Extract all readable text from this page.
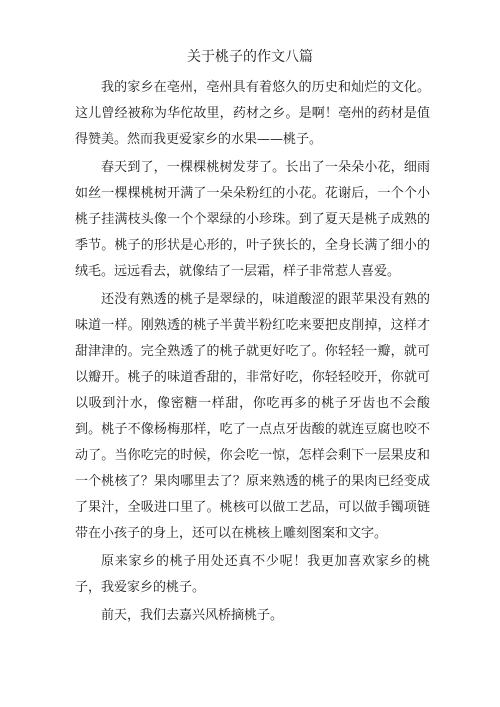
关于桃子的作文八篇

我的家乡在亳州，亳州具有着悠久的历史和灿烂的文化。这儿曾经被称为华佗故里，药材之乡。是啊！亳州的药材是值得赞美。然而我更爱家乡的水果——桃子。

春天到了，一棵棵桃树发芽了。长出了一朵朵小花，细雨如丝一棵棵桃树开满了一朵朵粉红的小花。花谢后，一个个小桃子挂满枝头像一个个翠绿的小珍珠。到了夏天是桃子成熟的季节。桃子的形状是心形的，叶子狭长的，全身长满了细小的绒毛。远远看去，就像结了一层霜，样子非常惹人喜爱。

还没有熟透的桃子是翠绿的，味道酸涩的跟苹果没有熟的味道一样。刚熟透的桃子半黄半粉红吃来要把皮削掉，这样才甜津津的。完全熟透了的桃子就更好吃了。你轻轻一瓣，就可以瓣开。桃子的味道香甜的，非常好吃，你轻轻咬开，你就可以吸到汁水，像密糖一样甜，你吃再多的桃子牙齿也不会酸到。桃子不像杨梅那样，吃了一点点牙齿酸的就连豆腐也咬不动了。当你吃完的时候，你会吃一惊，怎样会剩下一层果皮和一个桃核了？果肉哪里去了？原来熟透的桃子的果肉已经变成了果汁，全吸进口里了。桃核可以做工艺品，可以做手镯项链带在小孩子的身上，还可以在桃核上雕刻图案和文字。

原来家乡的桃子用处还真不少呢！我更加喜欢家乡的桃子，我爱家乡的桃子。

前天，我们去嘉兴风桥摘桃子。
